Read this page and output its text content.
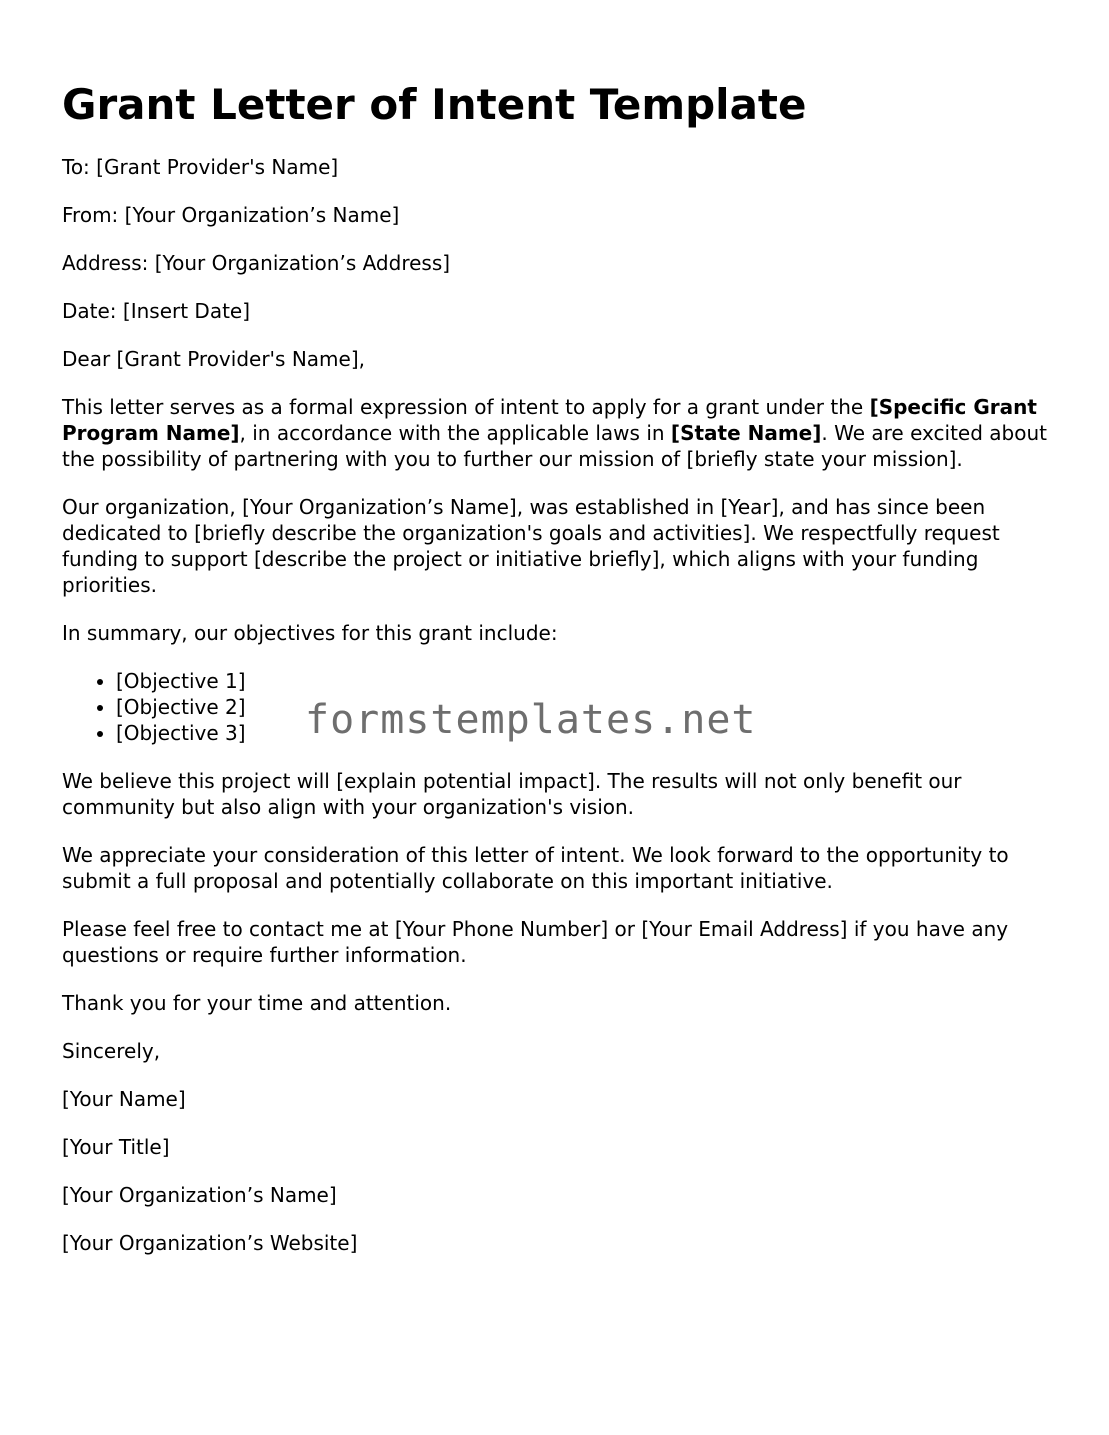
Grant Letter of Intent Template

To: [Grant Provider's Name]

From: [Your Organization’s Name]

Address: [Your Organization’s Address]

Date: [Insert Date]

Dear [Grant Provider's Name],

This letter serves as a formal expression of intent to apply for a grant under the [Specific Grant Program Name], in accordance with the applicable laws in [State Name]. We are excited about the possibility of partnering with you to further our mission of [briefly state your mission].

Our organization, [Your Organization’s Name], was established in [Year], and has since been dedicated to [briefly describe the organization's goals and activities]. We respectfully request funding to support [describe the project or initiative briefly], which aligns with your funding priorities.

In summary, our objectives for this grant include:

• [Objective 1]
• [Objective 2]
• [Objective 3]

We believe this project will [explain potential impact]. The results will not only benefit our community but also align with your organization's vision.

We appreciate your consideration of this letter of intent. We look forward to the opportunity to submit a full proposal and potentially collaborate on this important initiative.

Please feel free to contact me at [Your Phone Number] or [Your Email Address] if you have any questions or require further information.

Thank you for your time and attention.

Sincerely,

[Your Name]

[Your Title]

[Your Organization’s Name]

[Your Organization’s Website]

formstemplates.net
